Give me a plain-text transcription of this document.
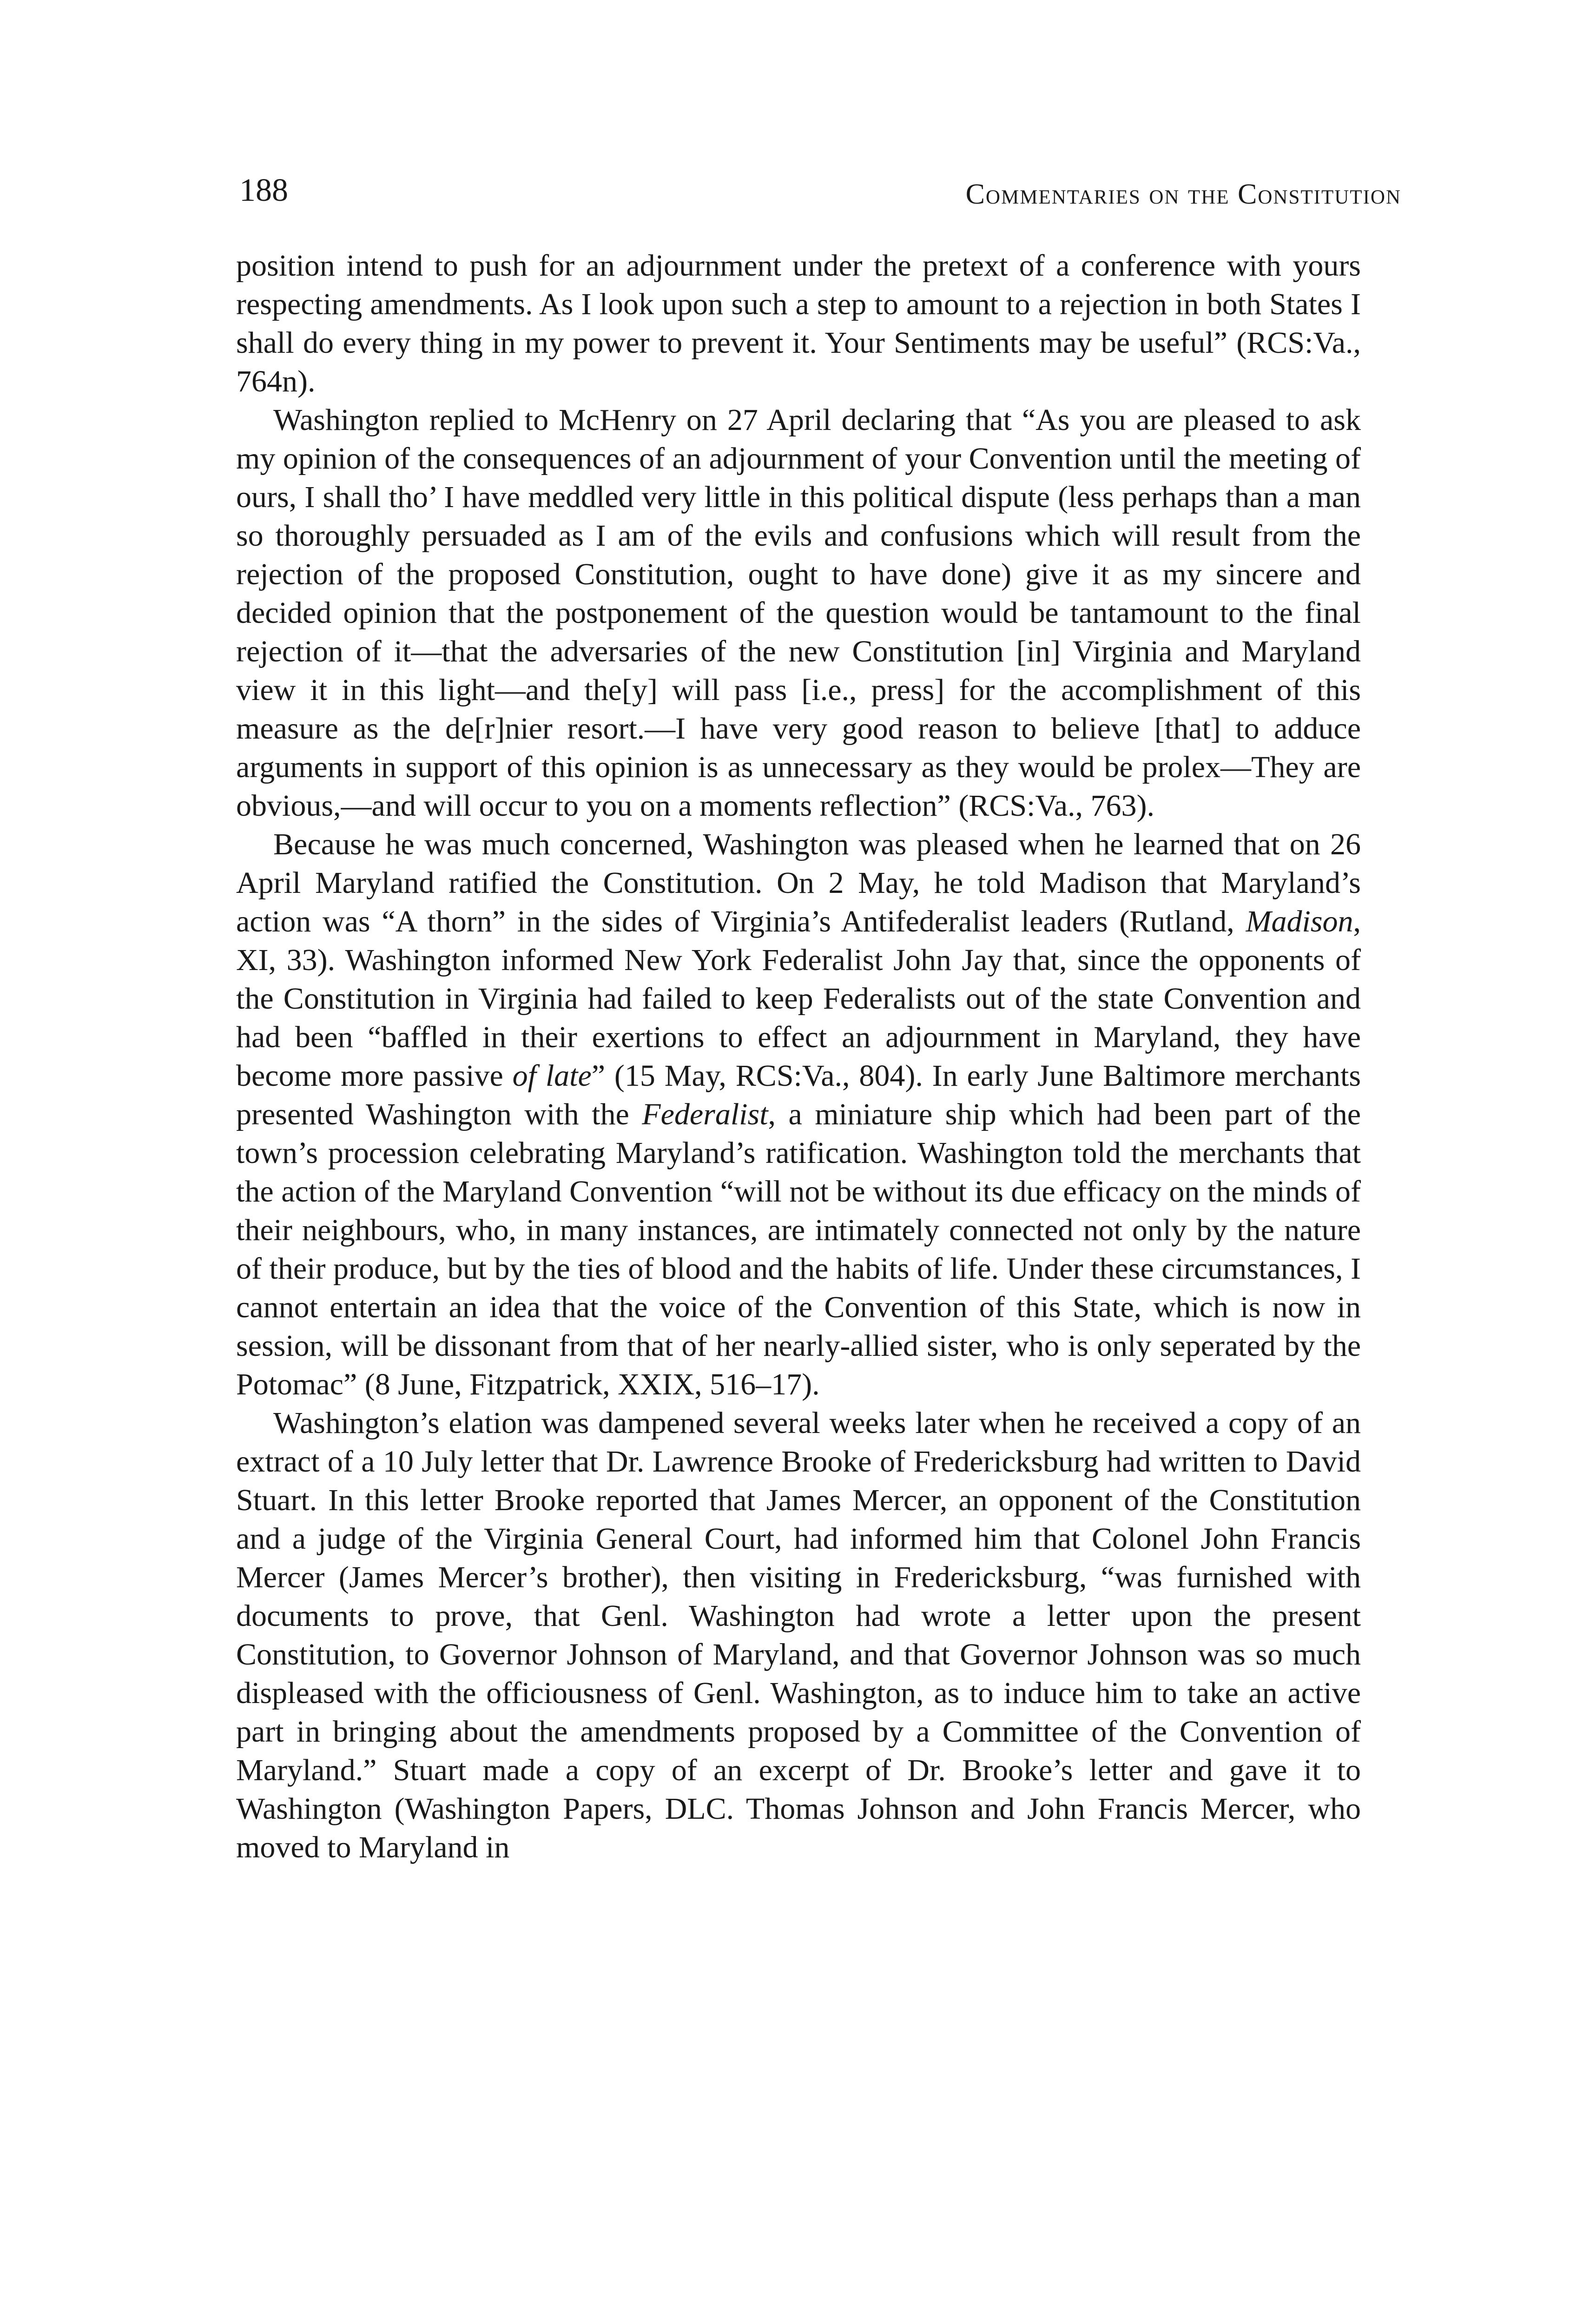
188	Commentaries on the Constitution

position intend to push for an adjournment under the pretext of a conference with yours respecting amendments. As I look upon such a step to amount to a rejection in both States I shall do every thing in my power to prevent it. Your Sentiments may be useful” (RCS:Va., 764n).

Washington replied to McHenry on 27 April declaring that “As you are pleased to ask my opinion of the consequences of an adjournment of your Convention until the meeting of ours, I shall tho’ I have meddled very little in this political dispute (less perhaps than a man so thoroughly persuaded as I am of the evils and confusions which will result from the rejection of the proposed Constitution, ought to have done) give it as my sincere and decided opinion that the postponement of the question would be tantamount to the final rejection of it—that the adversaries of the new Constitution [in] Virginia and Maryland view it in this light—and the[y] will pass [i.e., press] for the accomplishment of this measure as the de[r]nier resort.—I have very good reason to believe [that] to adduce arguments in support of this opinion is as unnecessary as they would be prolex—They are obvious,—and will occur to you on a moments reflection” (RCS:Va., 763).

Because he was much concerned, Washington was pleased when he learned that on 26 April Maryland ratified the Constitution. On 2 May, he told Madison that Maryland’s action was “A thorn” in the sides of Virginia’s Antifederalist leaders (Rutland, Madison, XI, 33). Washington informed New York Federalist John Jay that, since the opponents of the Constitution in Virginia had failed to keep Federalists out of the state Convention and had been “baffled in their exertions to effect an adjournment in Maryland, they have become more passive of late” (15 May, RCS:Va., 804). In early June Baltimore merchants presented Washington with the Federalist, a miniature ship which had been part of the town’s procession celebrating Maryland’s ratification. Washington told the merchants that the action of the Maryland Convention “will not be without its due efficacy on the minds of their neighbours, who, in many instances, are intimately connected not only by the nature of their produce, but by the ties of blood and the habits of life. Under these circumstances, I cannot entertain an idea that the voice of the Convention of this State, which is now in session, will be dissonant from that of her nearly-allied sister, who is only seperated by the Potomac” (8 June, Fitzpatrick, XXIX, 516–17).

Washington’s elation was dampened several weeks later when he received a copy of an extract of a 10 July letter that Dr. Lawrence Brooke of Fredericksburg had written to David Stuart. In this letter Brooke reported that James Mercer, an opponent of the Constitution and a judge of the Virginia General Court, had informed him that Colonel John Francis Mercer (James Mercer’s brother), then visiting in Fredericksburg, “was furnished with documents to prove, that Genl. Washington had wrote a letter upon the present Constitution, to Governor Johnson of Maryland, and that Governor Johnson was so much displeased with the officiousness of Genl. Washington, as to induce him to take an active part in bringing about the amendments proposed by a Committee of the Convention of Maryland.” Stuart made a copy of an excerpt of Dr. Brooke’s letter and gave it to Washington (Washington Papers, DLC. Thomas Johnson and John Francis Mercer, who moved to Maryland in
